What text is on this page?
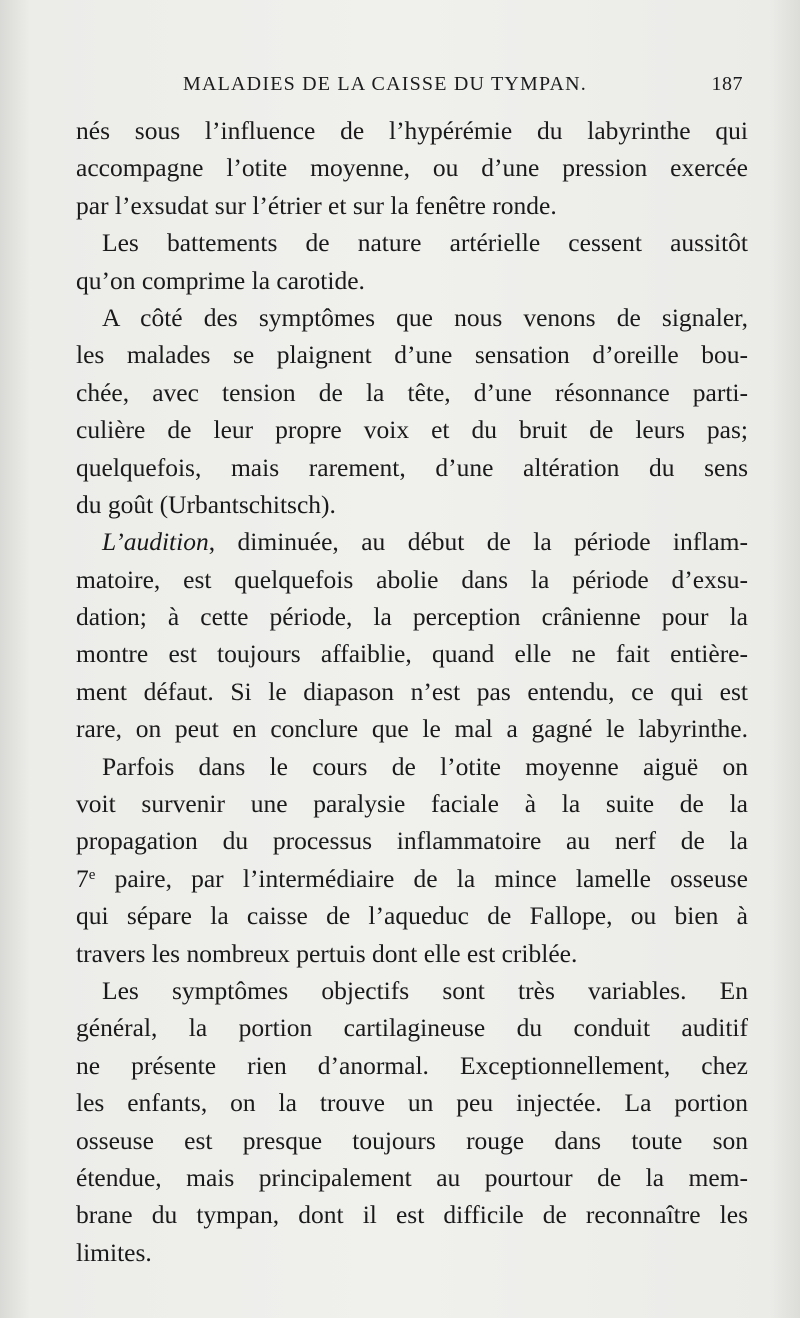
MALADIES DE LA CAISSE DU TYMPAN.	187
nés sous l’influence de l’hypérémie du labyrinthe qui
accompagne l’otite moyenne, ou d’une pression exercée
par l’exsudat sur l’étrier et sur la fenêtre ronde.
Les battements de nature artérielle cessent aussitôt
qu’on comprime la carotide.
A côté des symptômes que nous venons de signaler,
les malades se plaignent d’une sensation d’oreille bou-
chée, avec tension de la tête, d’une résonnance parti-
culière de leur propre voix et du bruit de leurs pas;
quelquefois, mais rarement, d’une altération du sens
du goût (Urbantschitsch).
L’audition, diminuée, au début de la période inflam-
matoire, est quelquefois abolie dans la période d’exsu-
dation; à cette période, la perception crânienne pour la
montre est toujours affaiblie, quand elle ne fait entière-
ment défaut. Si le diapason n’est pas entendu, ce qui est
rare, on peut en conclure que le mal a gagné le labyrinthe.
Parfois dans le cours de l’otite moyenne aiguë on
voit survenir une paralysie faciale à la suite de la
propagation du processus inflammatoire au nerf de la
7e paire, par l’intermédiaire de la mince lamelle osseuse
qui sépare la caisse de l’aqueduc de Fallope, ou bien à
travers les nombreux pertuis dont elle est criblée.
Les symptômes objectifs sont très variables. En
général, la portion cartilagineuse du conduit auditif
ne présente rien d’anormal. Exceptionnellement, chez
les enfants, on la trouve un peu injectée. La portion
osseuse est presque toujours rouge dans toute son
étendue, mais principalement au pourtour de la mem-
brane du tympan, dont il est difficile de reconnaître les
limites.
